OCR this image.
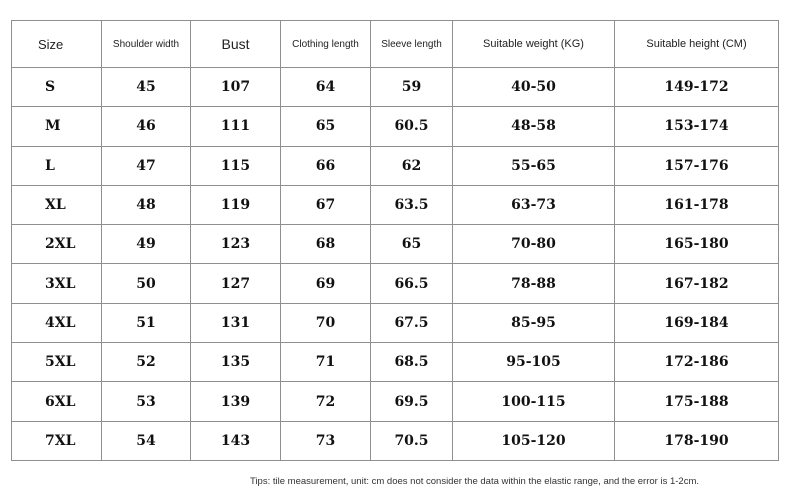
Size	Shoulder width	Bust	Clothing length	Sleeve length	Suitable weight (KG)	Suitable height (CM)
S	45	107	64	59	40-50	149-172
M	46	111	65	60.5	48-58	153-174
L	47	115	66	62	55-65	157-176
XL	48	119	67	63.5	63-73	161-178
2XL	49	123	68	65	70-80	165-180
3XL	50	127	69	66.5	78-88	167-182
4XL	51	131	70	67.5	85-95	169-184
5XL	52	135	71	68.5	95-105	172-186
6XL	53	139	72	69.5	100-115	175-188
7XL	54	143	73	70.5	105-120	178-190
Tips: tile measurement, unit: cm does not consider the data within the elastic range, and the error is 1-2cm.
